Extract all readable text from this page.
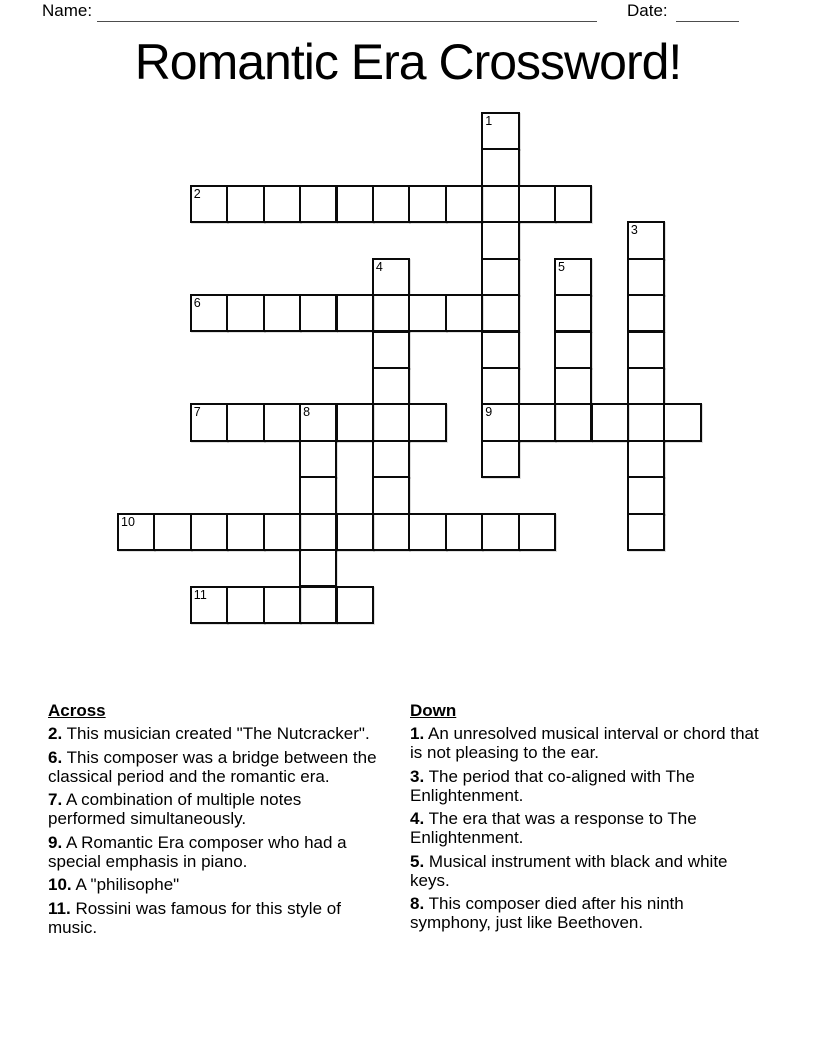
Name:	Date:
Romantic Era Crossword!
1
9
2
3
4	5
6
7	8
10
11
Across

2. This musician created "The Nutcracker".

6. This composer was a bridge between the classical period and the romantic era.

7. A combination of multiple notes performed simultaneously.

9. A Romantic Era composer who had a special emphasis in piano.

10. A "philisophe"

11. Rossini was famous for this style of music.

Down

1. An unresolved musical interval or chord that is not pleasing to the ear.

3. The period that co-aligned with The Enlightenment.

4. The era that was a response to The Enlightenment.

5. Musical instrument with black and white keys.

8. This composer died after his ninth symphony, just like Beethoven.
